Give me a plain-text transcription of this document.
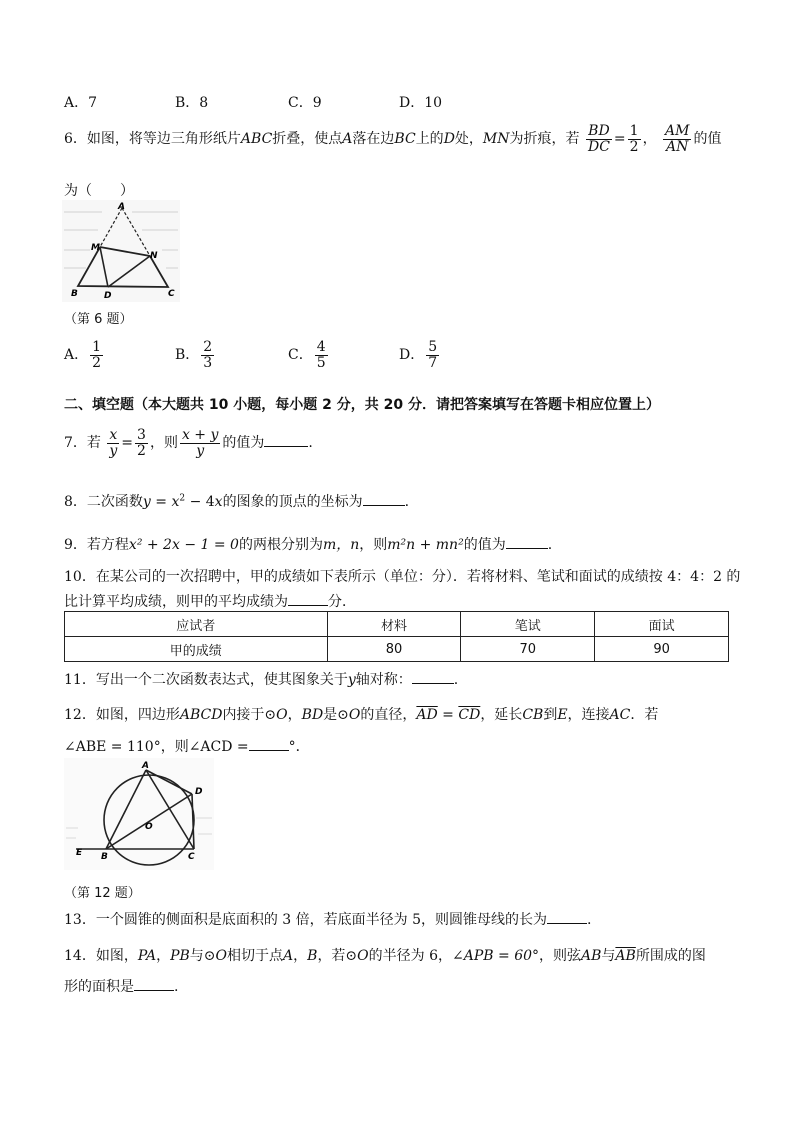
A．7	B．8	C．9	D．10
6．如图，将等边三角形纸片ABC折叠，使点A落在边BC上的D处，MN为折痕，若 $\frac{BD}{DC} = \frac{1}{2}$ ， $\frac{AM}{AN}$ 的值
为（　　）
A
M
N
B	D	C
（第 6 题）
A． $\frac{1}{2}$	B． $\frac{2}{3}$	C． $\frac{4}{5}$	D． $\frac{5}{7}$
二、填空题（本大题共 10 小题，每小题 2 分，共 20 分．请把答案填写在答题卡相应位置上）
7．若 $\frac{x}{y} = \frac{3}{2}$ ，则 $\frac{x + y}{y}$ 的值为	.
8．二次函数$y = x^2 - 4x$的图象的顶点的坐标为	.
9．若方程x² + 2x − 1 = 0的两根分别为m，n，则m²n + mn²的值为	.
10．在某公司的一次招聘中，甲的成绩如下表所示（单位：分）．若将材料、笔试和面试的成绩按 4：4：2 的
比计算平均成绩，则甲的平均成绩为	分．
应试者	材料	笔试	面试
甲的成绩	80	70	90
11．写出一个二次函数表达式，使其图象关于y轴对称：	.
12．如图，四边形ABCD内接于⊙O，BD是⊙O的直径，$\overline{AD} = \overline{CD}$，延长CB到E，连接AC．若
∠ABE = 110°，则∠ACD =	°．
A
D
O
E B	C
（第 12 题）
13．一个圆锥的侧面积是底面积的 3 倍，若底面半径为 5，则圆锥母线的长为	.
14．如图，PA，PB与⊙O相切于点A，B，若⊙O的半径为 6，∠APB = 60°，则弦AB与$\overline{AB}$所围成的图
形的面积是	.
